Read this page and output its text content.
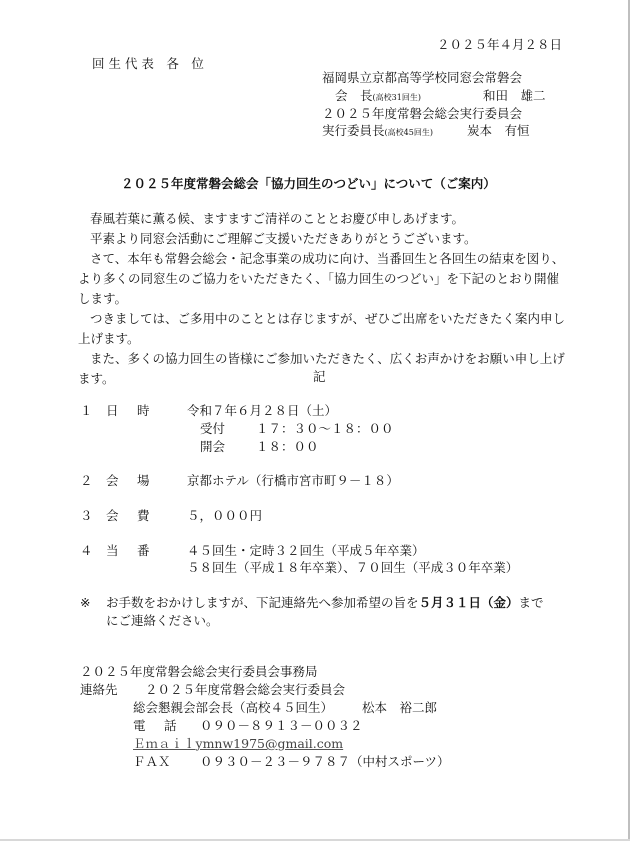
２０２５年４月２８日
回 生 代 表　各　位
福岡県立京都高等学校同窓会常磐会
会　長(高校31回生)	和田　雄二
２０２５年度常磐会総会実行委員会
実行委員長(高校45回生)	炭本　有恒
２０２５年度常磐会総会「協力回生のつどい」について（ご案内）
春風若葉に薫る候、ますますご清祥のこととお慶び申しあげます。
平素より同窓会活動にご理解ご支援いただきありがとうございます。
さて、本年も常磐会総会・記念事業の成功に向け、当番回生と各回生の結束を図り、より多くの同窓生のご協力をいただきたく、「協力回生のつどい」を下記のとおり開催します。
つきましては、ご多用中のこととは存じますが、ぜひご出席をいただきたく案内申し上げます。
また、多くの協力回生の皆様にご参加いただきたく、広くお声かけをお願い申し上げます。	記
１ 日　時	令和７年６月２８日（土）
受付 １７：３０～１８：００
開会 １８：００
２ 会　場	京都ホテル（行橋市宮市町９－１８）
３ 会　費	５，０００円
４ 当　番	４５回生・定時３２回生（平成５年卒業）
５８回生（平成１８年卒業）、７０回生（平成３０年卒業）
※ お手数をおかけしますが、下記連絡先へ参加希望の旨を５月３１日（金）まで
にご連絡ください。
２０２５年度常磐会総会実行委員会事務局
連絡先 ２０２５年度常磐会総会実行委員会
総会懇親会部会長（高校４５回生） 松本　裕二郎
電　話 ０９０－８９１３－００３２
Ｅｍａｉｌymnw1975@gmail.com
ＦＡＸ ０９３０－２３－９７８７（中村スポーツ）
